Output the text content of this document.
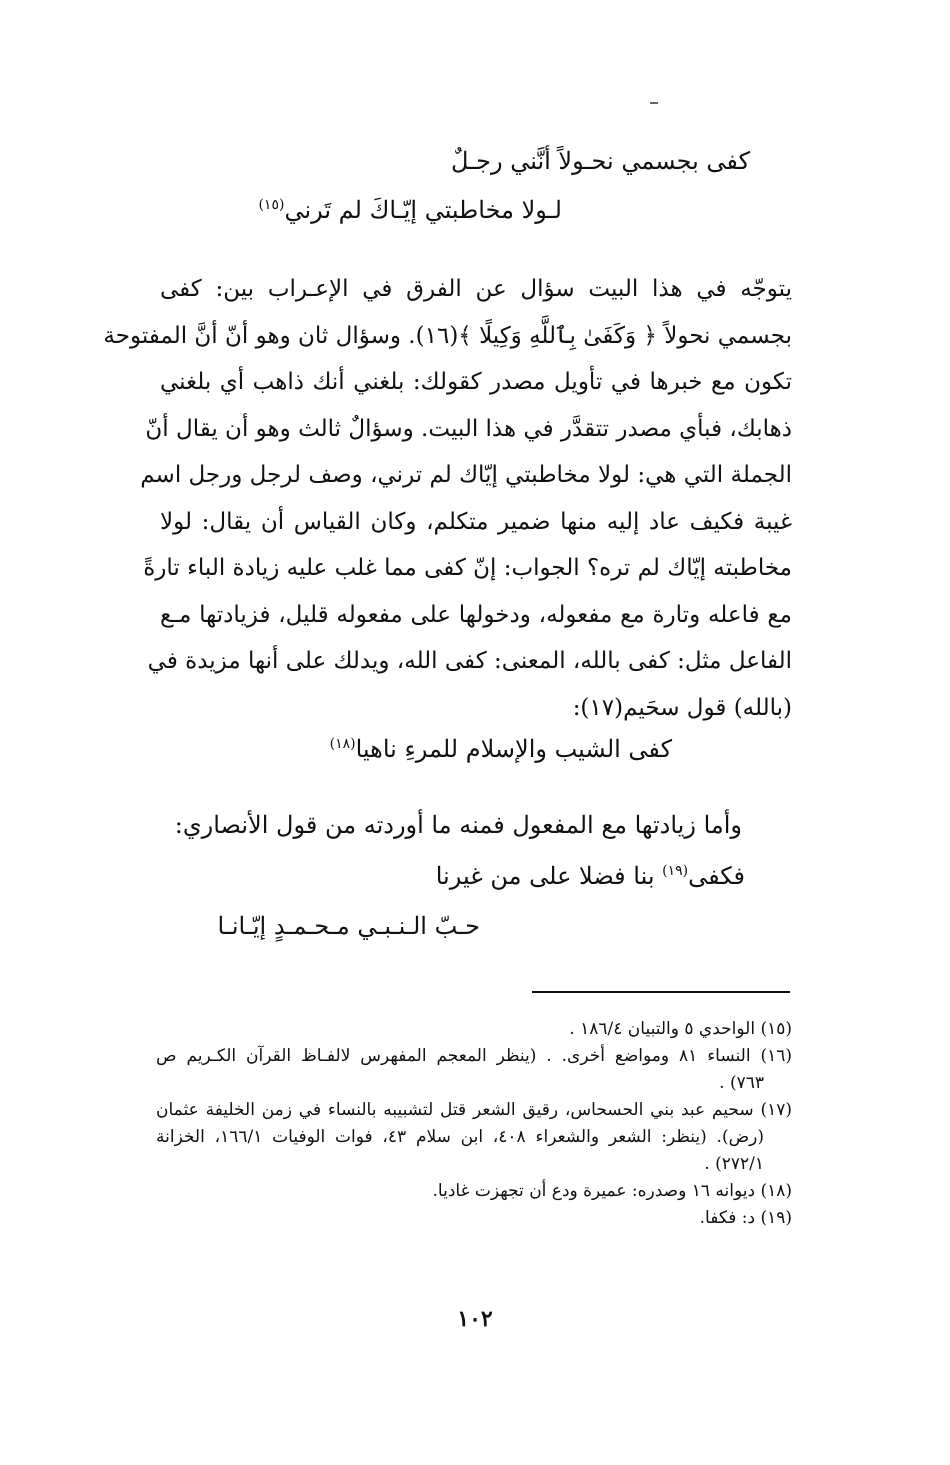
كفى بجسمي نحـولاً أنَّني رجـلٌ
لـولا مخاطبتي إيّـاكَ لم تَرني$^{(١٥)}$
يتوجّه في هذا البيت سؤال عن الفرق في الإعـراب بين: كفى
بجسمي نحولاً ﴿ وَكَفَىٰ بِٱللَّهِ وَكِيلًا ﴾(١٦). وسؤال ثان وهو أنّ أنَّ المفتوحة
تكون مع خبرها في تأويل مصدر كقولك: بلغني أنك ذاهب أي بلغني
ذهابك، فبأي مصدر تتقدَّر في هذا البيت. وسؤالٌ ثالث وهو أن يقال أنّ
الجملة التي هي: لولا مخاطبتي إيّاك لم ترني، وصف لرجل ورجل اسم
غيبة فكيف عاد إليه منها ضمير متكلم، وكان القياس أن يقال: لولا
مخاطبته إيّاك لم تره؟ الجواب: إنّ كفى مما غلب عليه زيادة الباء تارةً
مع فاعله وتارة مع مفعوله، ودخولها على مفعوله قليل، فزيادتها مـع
الفاعل مثل: كفى بالله، المعنى: كفى الله، ويدلك على أنها مزيدة في
(بالله) قول سحَيم(١٧):
كفى الشيب والإسلام للمرءِ ناهيا$^{(١٨)}$
وأما زيادتها مع المفعول فمنه ما أوردته من قول الأنصاري:
فكفى$^{(١٩)}$ بنا فضلا على من غيرنا
حـبّ الـنـبـي مـحـمـدٍ إيّـانـا
(١٥) الواحدي ٥ والتبيان ١٨٦/٤ .
(١٦) النساء ٨١ ومواضع أخرى. . (ينظر المعجم المفهرس لالفـاظ القرآن الكـريم ص
٧٦٣) .
(١٧) سحيم عبد بني الحسحاس، رقيق الشعر قتل لتشبيبه بالنساء في زمن الخليفة عثمان
(رض). (ينظر: الشعر والشعراء ٤٠٨، ابن سلام ٤٣، فوات الوفيات ١٦٦/١، الخزانة
٢٧٢/١) .
(١٨) ديوانه ١٦ وصدره: عميرة ودع أن تجهزت غاديا.
(١٩) د: فكفا.
١٠٢
